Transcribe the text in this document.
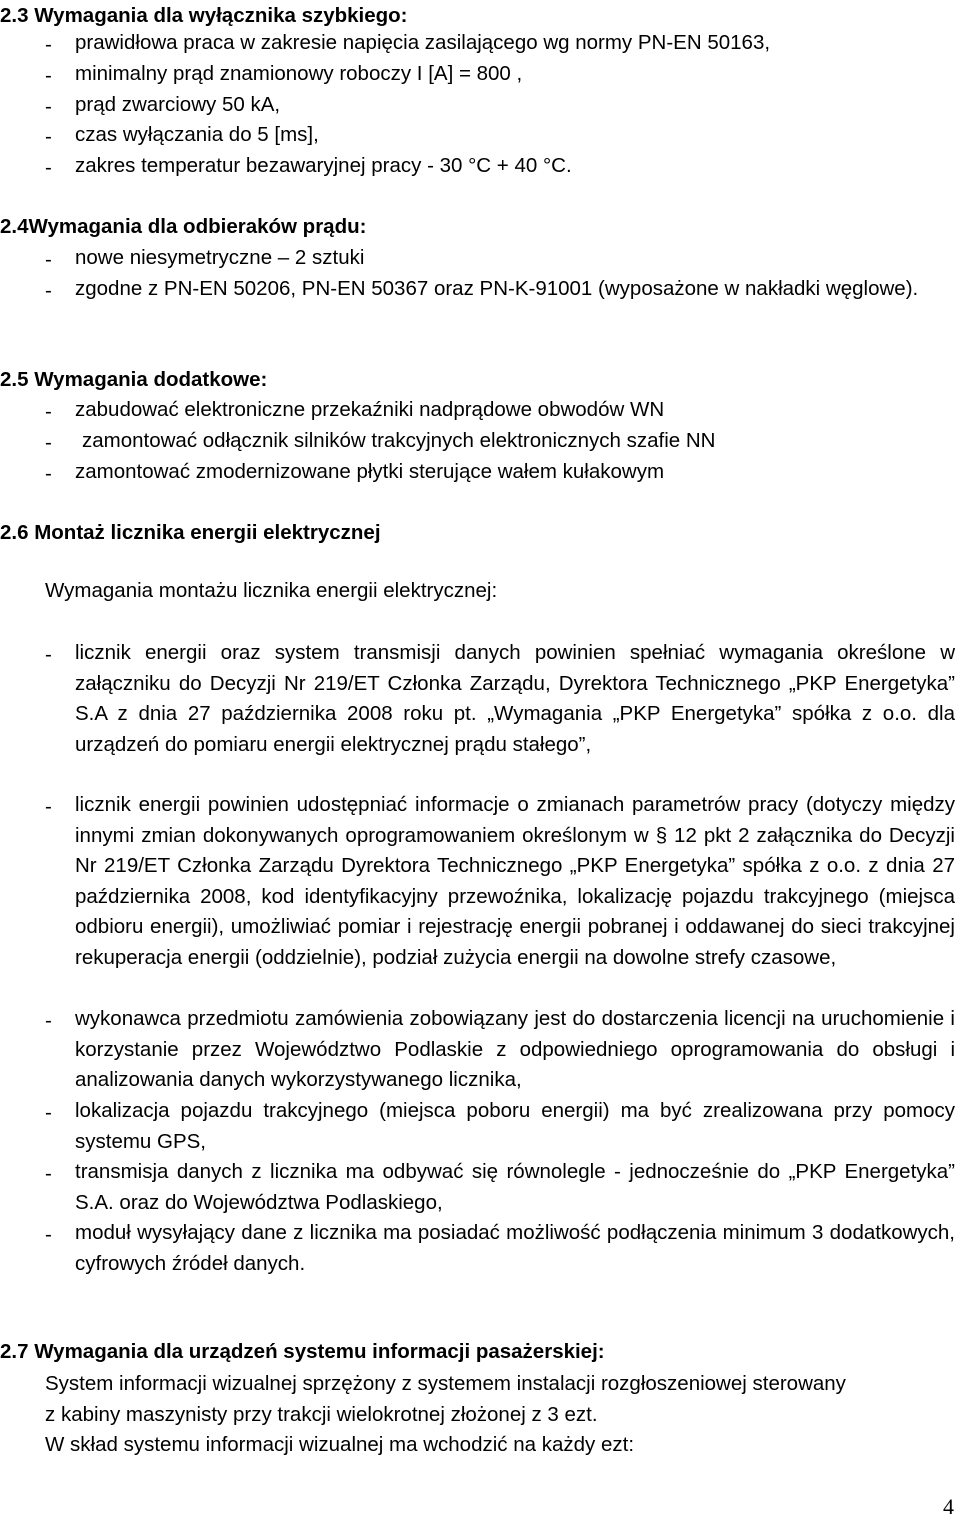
2.3 Wymagania dla wyłącznika szybkiego:
- prawidłowa praca w zakresie napięcia zasilającego wg normy PN-EN 50163,
- minimalny prąd znamionowy roboczy I [A] = 800 ,
- prąd zwarciowy 50 kA,
- czas wyłączania do 5 [ms],
- zakres temperatur bezawaryjnej pracy - 30 °C + 40 °C.
2.4Wymagania dla odbieraków prądu:
- nowe niesymetryczne – 2 sztuki
- zgodne z PN-EN 50206, PN-EN 50367 oraz PN-K-91001 (wyposażone w nakładki węglowe).
2.5 Wymagania dodatkowe:
- zabudować elektroniczne przekaźniki nadprądowe obwodów WN
- zamontować odłącznik silników trakcyjnych elektronicznych szafie NN
- zamontować zmodernizowane płytki sterujące wałem kułakowym
2.6 Montaż licznika energii elektrycznej
Wymagania montażu licznika energii elektrycznej:
- licznik energii oraz system transmisji danych powinien spełniać wymagania określone w załączniku do Decyzji Nr 219/ET Członka Zarządu, Dyrektora Technicznego „PKP Energetyka” S.A z dnia 27 października 2008 roku pt. „Wymagania „PKP Energetyka” spółka z o.o. dla urządzeń do pomiaru energii elektrycznej prądu stałego”,
- licznik energii powinien udostępniać informacje o zmianach parametrów pracy (dotyczy między innymi zmian dokonywanych oprogramowaniem określonym w § 12 pkt 2 załącznika do Decyzji Nr 219/ET Członka Zarządu Dyrektora Technicznego „PKP Energetyka” spółka z o.o. z dnia 27 października 2008, kod identyfikacyjny przewoźnika, lokalizację pojazdu trakcyjnego (miejsca odbioru energii), umożliwiać pomiar i rejestrację energii pobranej i oddawanej do sieci trakcyjnej rekuperacja energii (oddzielnie), podział zużycia energii na dowolne strefy czasowe,
- wykonawca przedmiotu zamówienia zobowiązany jest do dostarczenia licencji na uruchomienie i korzystanie przez Województwo Podlaskie z odpowiedniego oprogramowania do obsługi i analizowania danych wykorzystywanego licznika,
- lokalizacja pojazdu trakcyjnego (miejsca poboru energii) ma być zrealizowana przy pomocy systemu GPS,
- transmisja danych z licznika ma odbywać się równolegle - jednocześnie do „PKP Energetyka” S.A. oraz do Województwa Podlaskiego,
- moduł wysyłający dane z licznika ma posiadać możliwość podłączenia minimum 3 dodatkowych, cyfrowych źródeł danych.
2.7 Wymagania dla urządzeń systemu informacji pasażerskiej:
System informacji wizualnej sprzężony z systemem instalacji rozgłoszeniowej sterowany
z kabiny maszynisty przy trakcji wielokrotnej złożonej z 3 ezt.
W skład systemu informacji wizualnej ma wchodzić na każdy ezt:
4
